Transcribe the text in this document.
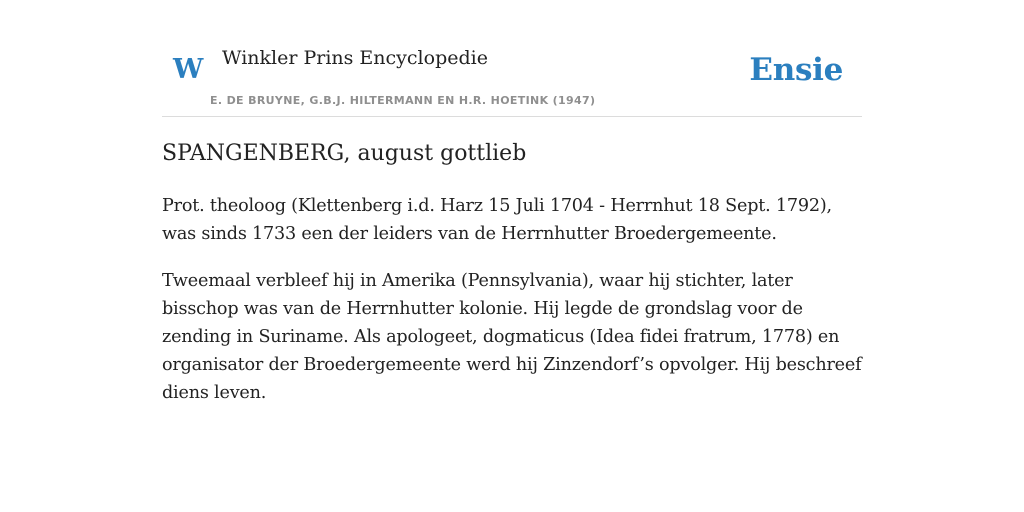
W Winkler Prins Encyclopedie
E. DE BRUYNE, G.B.J. HILTERMANN EN H.R. HOETINK (1947)
Ensie
SPANGENBERG, august gottlieb

Prot. theoloog (Klettenberg i.d. Harz 15 Juli 1704 - Herrnhut 18 Sept. 1792), was sinds 1733 een der leiders van de Herrnhutter Broedergemeente.

Tweemaal verbleef hij in Amerika (Pennsylvania), waar hij stichter, later bisschop was van de Herrnhutter kolonie. Hij legde de grondslag voor de zending in Suriname. Als apologeet, dogmaticus (Idea fidei fratrum, 1778) en organisator der Broedergemeente werd hij Zinzendorf’s opvolger. Hij beschreef diens leven.
